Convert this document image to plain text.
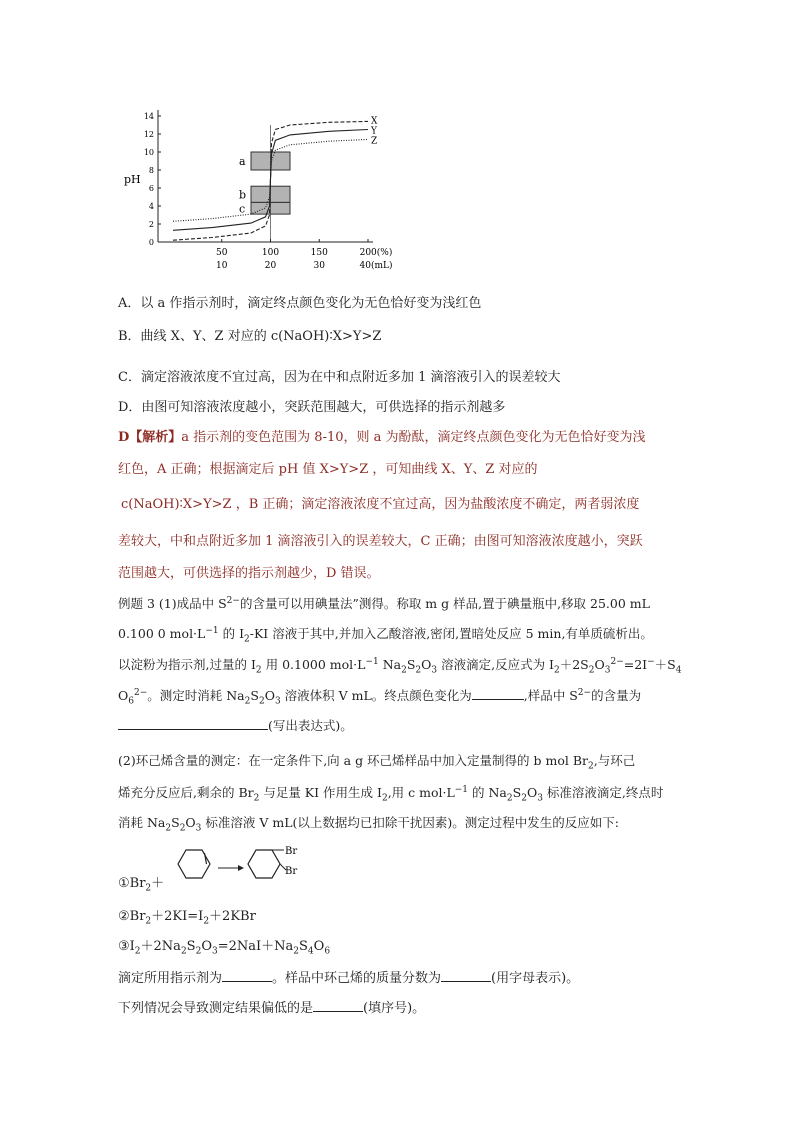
a
b
c
0
2
4
6
8
10
12
14
pH
50
10
100
20
150
30
200(%)
40(mL)
X
Y
Z
A．以 a 作指示剂时，滴定终点颜色变化为无色恰好变为浅红色
B．曲线 X、Y、Z 对应的 c(NaOH)∶X>Y>Z
C．滴定溶液浓度不宜过高，因为在中和点附近多加 1 滴溶液引入的误差较大
D．由图可知溶液浓度越小，突跃范围越大，可供选择的指示剂越多
D【解析】a 指示剂的变色范围为 8-10，则 a 为酚酞，滴定终点颜色变化为无色恰好变为浅
红色，A 正确；根据滴定后 pH 值 X>Y>Z ，可知曲线 X、Y、Z 对应的
c(NaOH)∶X>Y>Z ，B 正确；滴定溶液浓度不宜过高，因为盐酸浓度不确定，两者弱浓度
差较大，中和点附近多加 1 滴溶液引入的误差较大，C 正确；由图可知溶液浓度越小，突跃
范围越大，可供选择的指示剂越少，D 错误。
例题 3 (1)成品中 $S^{2-}$的含量可以用碘量法”测得。称取 m g 样品,置于碘量瓶中,移取 25.00 mL
0.100 0 $mol\cdot L^{-1}$ 的 $I_2-KI$ 溶液于其中,并加入乙酸溶液,密闭,置暗处反应 5 min,有单质硫析出。
以淀粉为指示剂,过量的 $I_2$ 用 0.1000 $mol\cdot L^{-1}$ $Na_2S_2O_3$ 溶液滴定,反应式为 $I_2+2S_2O_3^{2-}=2I^-+S_4$
$O_6^{2-}$。测定时消耗 $Na_2S_2O_3$ 溶液体积 V mL。终点颜色变化为	,样品中 $S^{2-}$的含量为
(写出表达式)。
(2)环己烯含量的测定：在一定条件下,向 a g 环己烯样品中加入定量制得的 b mol $Br_2$,与环己
烯充分反应后,剩余的 $Br_2$ 与足量 KI 作用生成 $I_2$,用 c $mol\cdot L^{-1}$ 的 $Na_2S_2O_3$ 标准溶液滴定,终点时
消耗 $Na_2S_2O_3$ 标准溶液 V mL(以上数据均已扣除干扰因素)。测定过程中发生的反应如下:
$①Br_2+$
Br
Br
$②Br_2+2KI=I_2+2KBr$
$③I_2+2Na_2S_2O_3=2NaI+Na_2S_4O_6$
滴定所用指示剂为	。样品中环己烯的质量分数为	(用字母表示)。
下列情况会导致测定结果偏低的是	(填序号)。
